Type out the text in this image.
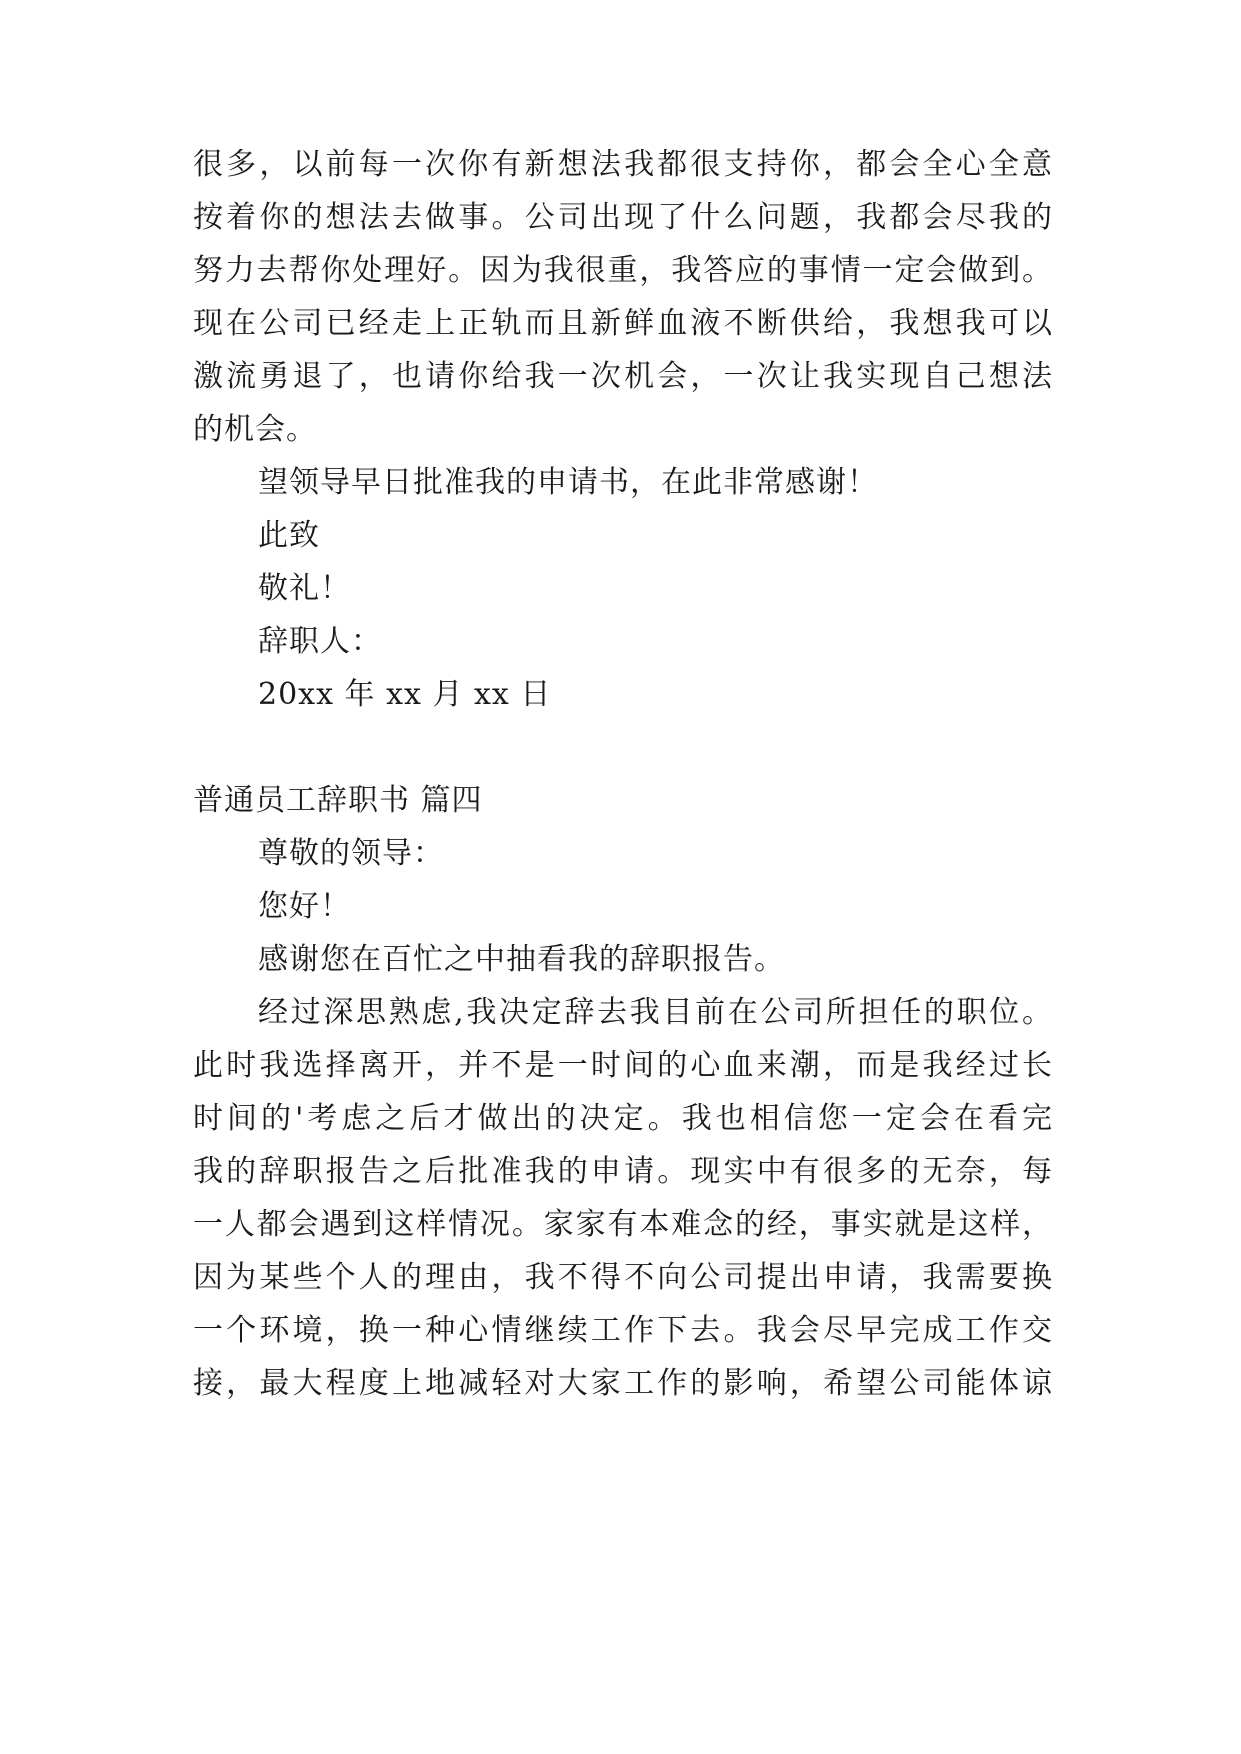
很多，以前每一次你有新想法我都很支持你，都会全心全意
按着你的想法去做事。公司出现了什么问题，我都会尽我的
努力去帮你处理好。因为我很重，我答应的事情一定会做到。
现在公司已经走上正轨而且新鲜血液不断供给，我想我可以
激流勇退了，也请你给我一次机会，一次让我实现自己想法
的机会。
望领导早日批准我的申请书，在此非常感谢！
此致
敬礼！
辞职人：
20xx 年 xx 月 xx 日
普通员工辞职书 篇四
尊敬的领导：
您好！
感谢您在百忙之中抽看我的辞职报告。
经过深思熟虑,我决定辞去我目前在公司所担任的职位。
此时我选择离开，并不是一时间的心血来潮，而是我经过长
时间的'考虑之后才做出的决定。我也相信您一定会在看完
我的辞职报告之后批准我的申请。现实中有很多的无奈，每
一人都会遇到这样情况。家家有本难念的经，事实就是这样，
因为某些个人的理由，我不得不向公司提出申请，我需要换
一个环境，换一种心情继续工作下去。我会尽早完成工作交
接，最大程度上地减轻对大家工作的影响，希望公司能体谅
